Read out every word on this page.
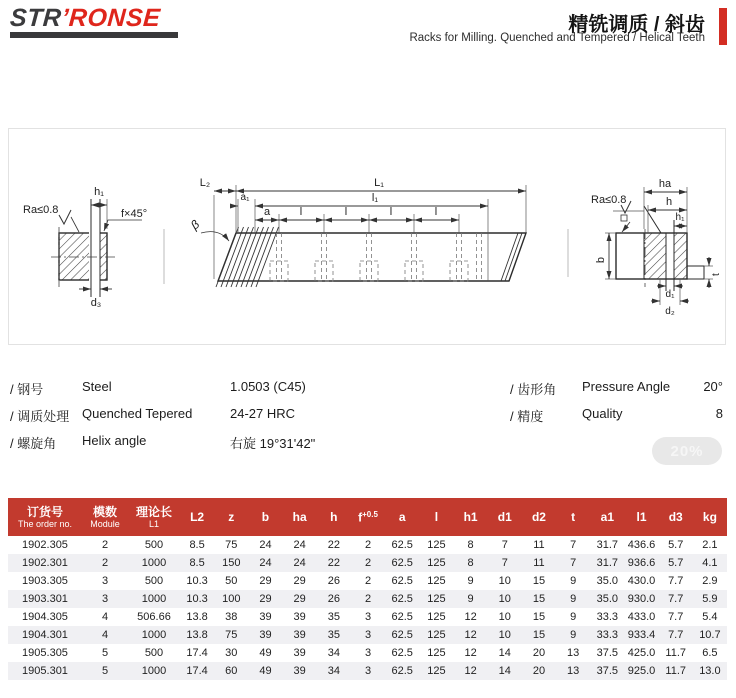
STR’RONSE	精铣调质 / 斜齿
Racks for Milling. Quenched and Tempered / Helical Teeth
h₁
Ra≤0.8	f×45°
d₃
L₂	L₁
l₁
a₁
a	l	l	l	l
β
t
ha
h
h₁
b
Ra≤0.8
d₁
d₂
/ 钢号	Steel	1.0503 (C45)
/ 调质处理 Quenched Tepered	24-27 HRC
/ 螺旋角	Helix angle	右旋 19°31'42"
/ 齿形角	Pressure Angle	20°
/ 精度	Quality	8
20%
订货号
The order no.

模数
Module

理论长
L1	L2	z	b	ha	h	$f^{+0.5}$	a	l	h1	d1	d2	t	a1	l1	d3	kg
1902.305	2	500	8.5	75	24	24	22	2	62.5	125	8	7	11	7	31.7	436.6	5.7	2.1
1902.301	2	1000	8.5	150	24	24	22	2	62.5	125	8	7	11	7	31.7	936.6	5.7	4.1
1903.305	3	500	10.3	50	29	29	26	2	62.5	125	9	10	15	9	35.0	430.0	7.7	2.9
1903.301	3	1000	10.3	100	29	29	26	2	62.5	125	9	10	15	9	35.0	930.0	7.7	5.9
1904.305	4	506.66	13.8	38	39	39	35	3	62.5	125	12	10	15	9	33.3	433.0	7.7	5.4
1904.301	4	1000	13.8	75	39	39	35	3	62.5	125	12	10	15	9	33.3	933.4	7.7	10.7
1905.305	5	500	17.4	30	49	39	34	3	62.5	125	12	14	20	13	37.5	425.0	11.7	6.5
1905.301	5	1000	17.4	60	49	39	34	3	62.5	125	12	14	20	13	37.5	925.0	11.7	13.0
